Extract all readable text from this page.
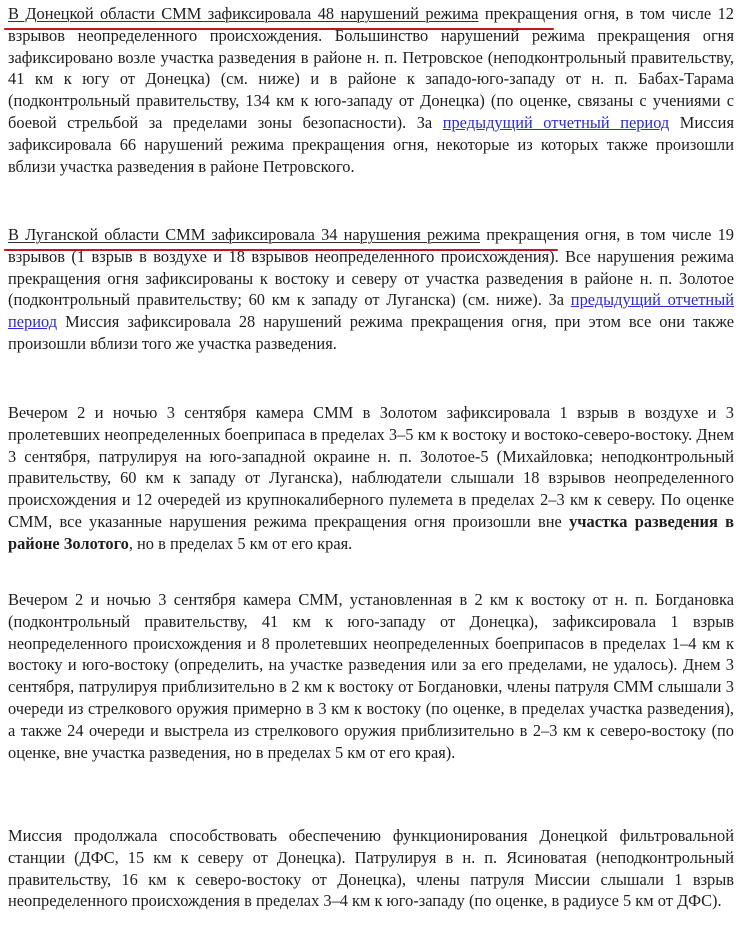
В Донецкой области СММ зафиксировала 48 нарушений режима прекращения огня, в том числе 12 взрывов неопределенного происхождения. Большинство нарушений режима прекращения огня зафиксировано возле участка разведения в районе н. п. Петровское (неподконтрольный правительству, 41 км к югу от Донецка) (см. ниже) и в районе к западо-юго-западу от н. п. Бабах-Тарама (подконтрольный правительству, 134 км к юго-западу от Донецка) (по оценке, связаны с учениями с боевой стрельбой за пределами зоны безопасности). За предыдущий отчетный период Миссия зафиксировала 66 нарушений режима прекращения огня, некоторые из которых также произошли вблизи участка разведения в районе Петровского.

В Луганской области СММ зафиксировала 34 нарушения режима прекращения огня, в том числе 19 взрывов (1 взрыв в воздухе и 18 взрывов неопределенного происхождения). Все нарушения режима прекращения огня зафиксированы к востоку и северу от участка разведения в районе н. п. Золотое (подконтрольный правительству; 60 км к западу от Луганска) (см. ниже). За предыдущий отчетный период Миссия зафиксировала 28 нарушений режима прекращения огня, при этом все они также произошли вблизи того же участка разведения.

Вечером 2 и ночью 3 сентября камера СММ в Золотом зафиксировала 1 взрыв в воздухе и 3 пролетевших неопределенных боеприпаса в пределах 3–5 км к востоку и востоко-северо-востоку. Днем 3 сентября, патрулируя на юго-западной окраине н. п. Золотое-5 (Михайловка; неподконтрольный правительству, 60 км к западу от Луганска), наблюдатели слышали 18 взрывов неопределенного происхождения и 12 очередей из крупнокалиберного пулемета в пределах 2–3 км к северу. По оценке СММ, все указанные нарушения режима прекращения огня произошли вне участка разведения в районе Золотого, но в пределах 5 км от его края.

Вечером 2 и ночью 3 сентября камера СММ, установленная в 2 км к востоку от н. п. Богдановка (подконтрольный правительству, 41 км к юго-западу от Донецка), зафиксировала 1 взрыв неопределенного происхождения и 8 пролетевших неопределенных боеприпасов в пределах 1–4 км к востоку и юго-востоку (определить, на участке разведения или за его пределами, не удалось). Днем 3 сентября, патрулируя приблизительно в 2 км к востоку от Богдановки, члены патруля СММ слышали 3 очереди из стрелкового оружия примерно в 3 км к востоку (по оценке, в пределах участка разведения), а также 24 очереди и выстрела из стрелкового оружия приблизительно в 2–3 км к северо-востоку (по оценке, вне участка разведения, но в пределах 5 км от его края).

Миссия продолжала способствовать обеспечению функционирования Донецкой фильтровальной станции (ДФС, 15 км к северу от Донецка). Патрулируя в н. п. Ясиноватая (неподконтрольный правительству, 16 км к северо-востоку от Донецка), члены патруля Миссии слышали 1 взрыв неопределенного происхождения в пределах 3–4 км к юго-западу (по оценке, в радиусе 5 км от ДФС).
